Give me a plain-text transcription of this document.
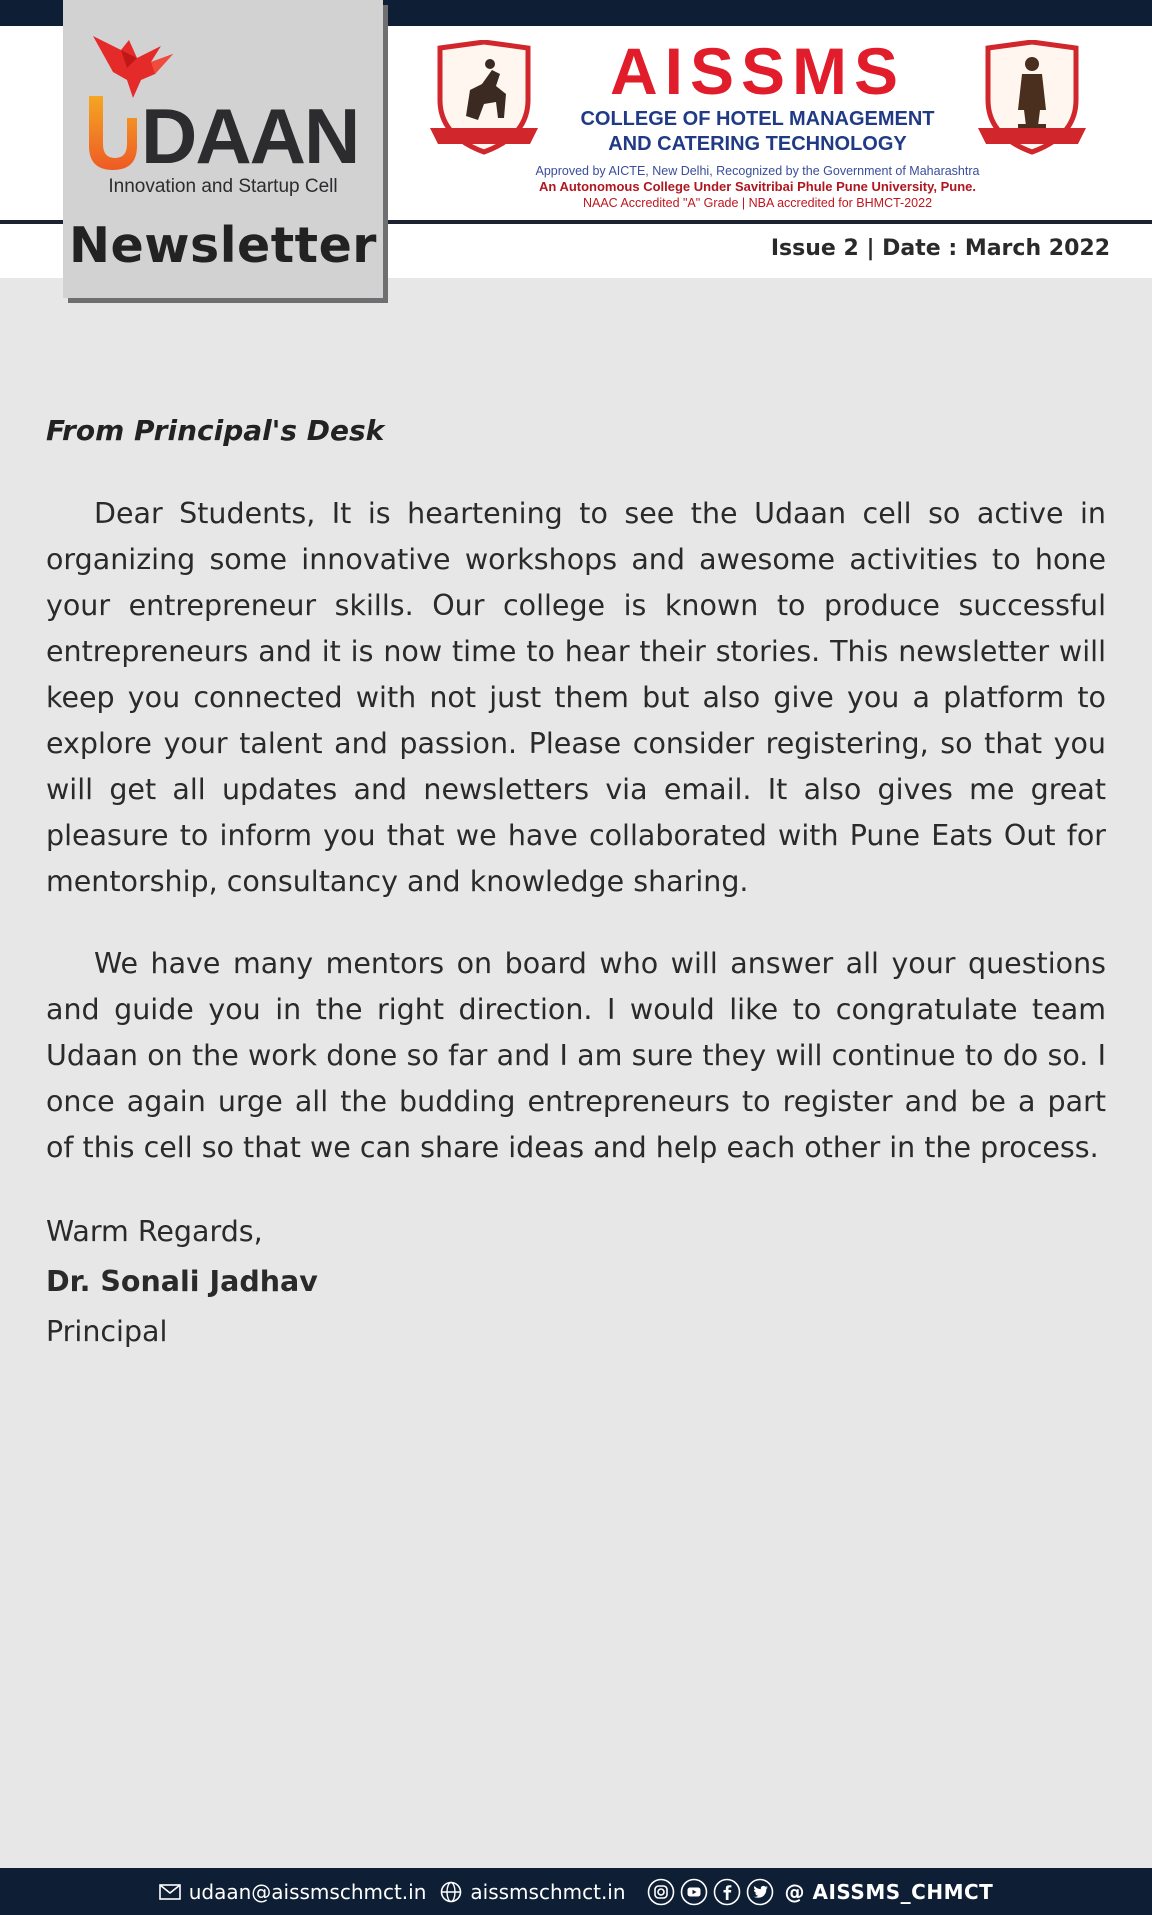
DAAN
Innovation and Startup Cell
Newsletter
AISSMS
COLLEGE OF HOTEL MANAGEMENT
AND CATERING TECHNOLOGY
Approved by AICTE, New Delhi, Recognized by the Government of Maharashtra
An Autonomous College Under Savitribai Phule Pune University, Pune.
NAAC Accredited "A" Grade | NBA accredited for BHMCT-2022
Issue 2 | Date : March 2022
From Principal's Desk

Dear Students, It is heartening to see the Udaan cell so active in organizing some innovative workshops and awesome activities to hone your entrepreneur skills. Our college is known to produce successful entrepreneurs and it is now time to hear their stories. This newsletter will keep you connected with not just them but also give you a platform to explore your talent and passion. Please consider registering, so that you will get all updates and newsletters via email. It also gives me great pleasure to inform you that we have collaborated with Pune Eats Out for mentorship, consultancy and knowledge sharing.

We have many mentors on board who will answer all your questions and guide you in the right direction. I would like to congratulate team Udaan on the work done so far and I am sure they will continue to do so. I once again urge all the budding entrepreneurs to register and be a part of this cell so that we can share ideas and help each other in the process.

Warm Regards,
Dr. Sonali Jadhav
Principal
udaan@aissmschmct.in aissmschmct.in	@ AISSMS_CHMCT
